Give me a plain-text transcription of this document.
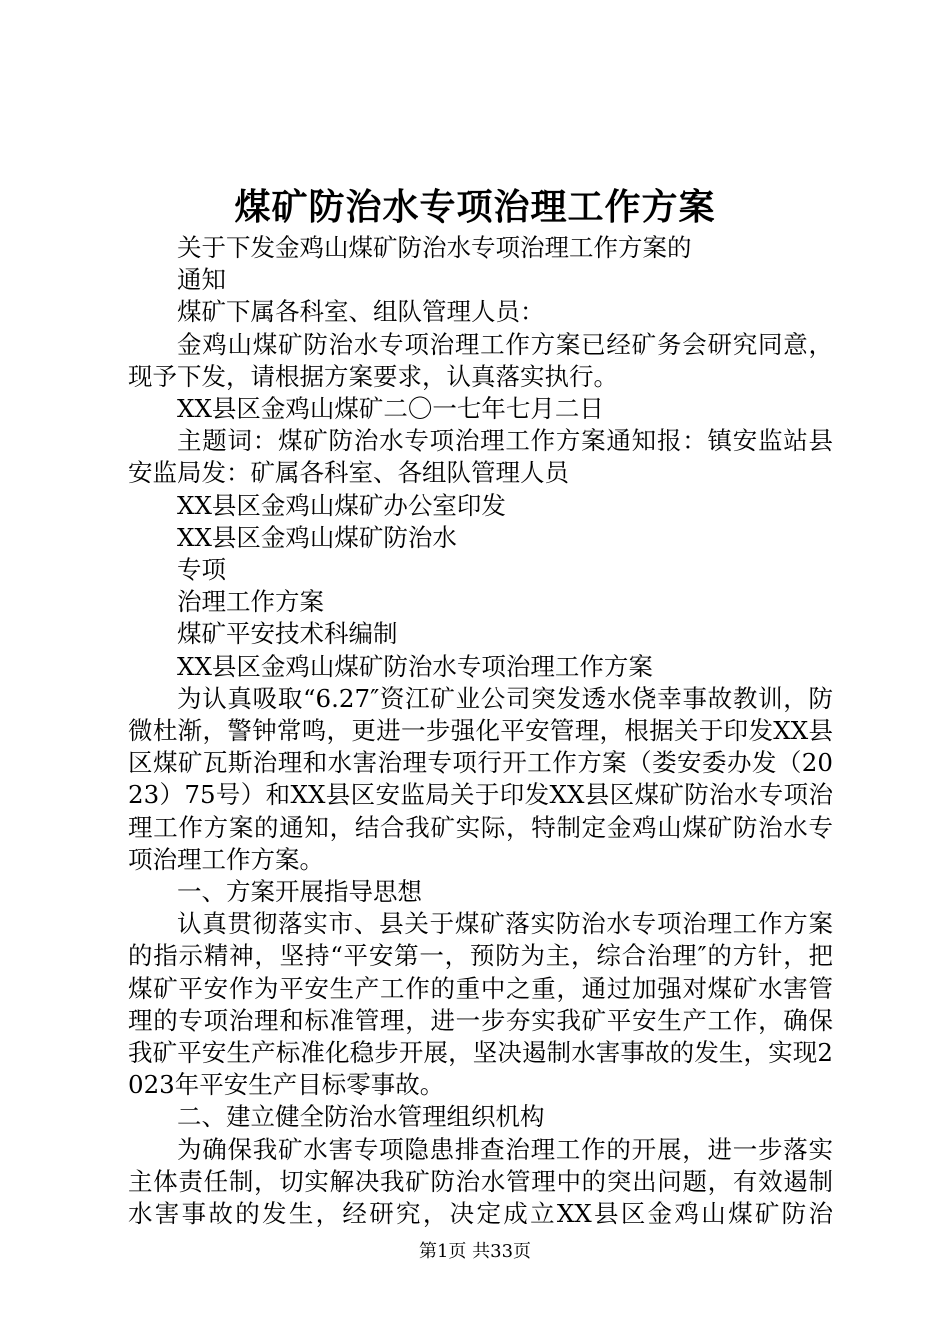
煤矿防治水专项治理工作方案

关于下发金鸡山煤矿防治水专项治理工作方案的

通知

煤矿下属各科室、组队管理人员：

金鸡山煤矿防治水专项治理工作方案已经矿务会研究同意，现予下发，请根据方案要求，认真落实执行。

XX县区金鸡山煤矿二〇一七年七月二日

主题词：煤矿防治水专项治理工作方案通知报：镇安监站县安监局发：矿属各科室、各组队管理人员

XX县区金鸡山煤矿办公室印发

XX县区金鸡山煤矿防治水

专项

治理工作方案

煤矿平安技术科编制

XX县区金鸡山煤矿防治水专项治理工作方案

为认真吸取“6.27″资江矿业公司突发透水侥幸事故教训，防微杜渐，警钟常鸣，更进一步强化平安管理，根据关于印发XX县区煤矿瓦斯治理和水害治理专项行开工作方案（娄安委办发（2023）75号）和XX县区安监局关于印发XX县区煤矿防治水专项治理工作方案的通知，结合我矿实际，特制定金鸡山煤矿防治水专项治理工作方案。

一、方案开展指导思想

认真贯彻落实市、县关于煤矿落实防治水专项治理工作方案的指示精神，坚持“平安第一，预防为主，综合治理″的方针，把煤矿平安作为平安生产工作的重中之重，通过加强对煤矿水害管理的专项治理和标准管理，进一步夯实我矿平安生产工作，确保我矿平安生产标准化稳步开展，坚决遏制水害事故的发生，实现2023年平安生产目标零事故。

二、建立健全防治水管理组织机构

为确保我矿水害专项隐患排查治理工作的开展，进一步落实主体责任制，切实解决我矿防治水管理中的突出问题，有效遏制水害事故的发生，经研究，决定成立XX县区金鸡山煤矿防治

第1页 共33页
